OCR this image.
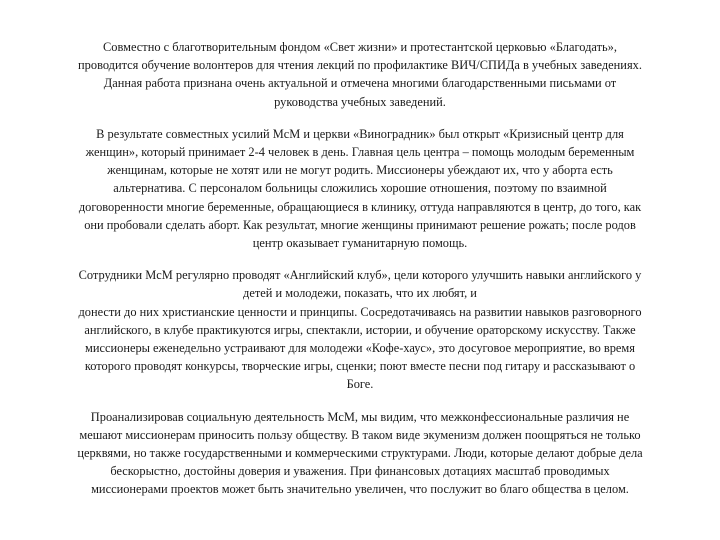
Совместно с благотворительным фондом «Свет жизни» и протестантской церковью «Благодать»,
проводится обучение волонтеров для чтения лекций по профилактике ВИЧ/СПИДа в учебных заведениях.
Данная работа признана очень актуальной и отмечена многими благодарственными письмами от
руководства учебных заведений.

В результате совместных усилий МсМ и церкви «Виноградник» был открыт «Кризисный центр для
женщин», который принимает 2-4 человек в день. Главная цель центра – помощь молодым беременным
женщинам, которые не хотят или не могут родить. Миссионеры убеждают их, что у аборта есть
альтернатива. С персоналом больницы сложились хорошие отношения, поэтому по взаимной
договоренности многие беременные, обращающиеся в клинику, оттуда направляются в центр, до того, как
они пробовали сделать аборт. Как результат, многие женщины принимают решение рожать; после родов
центр оказывает гуманитарную помощь.

Сотрудники МсМ регулярно проводят «Английский клуб», цели которого улучшить навыки английского у
детей и молодежи, показать, что их любят, и
донести до них христианские ценности и принципы. Сосредотачиваясь на развитии навыков разговорного
английского, в клубе практикуются игры, спектакли, истории, и обучение ораторскому искусству. Также
миссионеры еженедельно устраивают для молодежи «Кофе-хаус», это досуговое мероприятие, во время
которого проводят конкурсы, творческие игры, сценки; поют вместе песни под гитару и рассказывают о
Боге.

Проанализировав социальную деятельность МсМ, мы видим, что межконфессиональные различия не
мешают миссионерам приносить пользу обществу. В таком виде экуменизм должен поощряться не только
церквями, но также государственными и коммерческими структурами. Люди, которые делают добрые дела
бескорыстно, достойны доверия и уважения. При финансовых дотациях масштаб проводимых
миссионерами проектов может быть значительно увеличен, что послужит во благо общества в целом.
